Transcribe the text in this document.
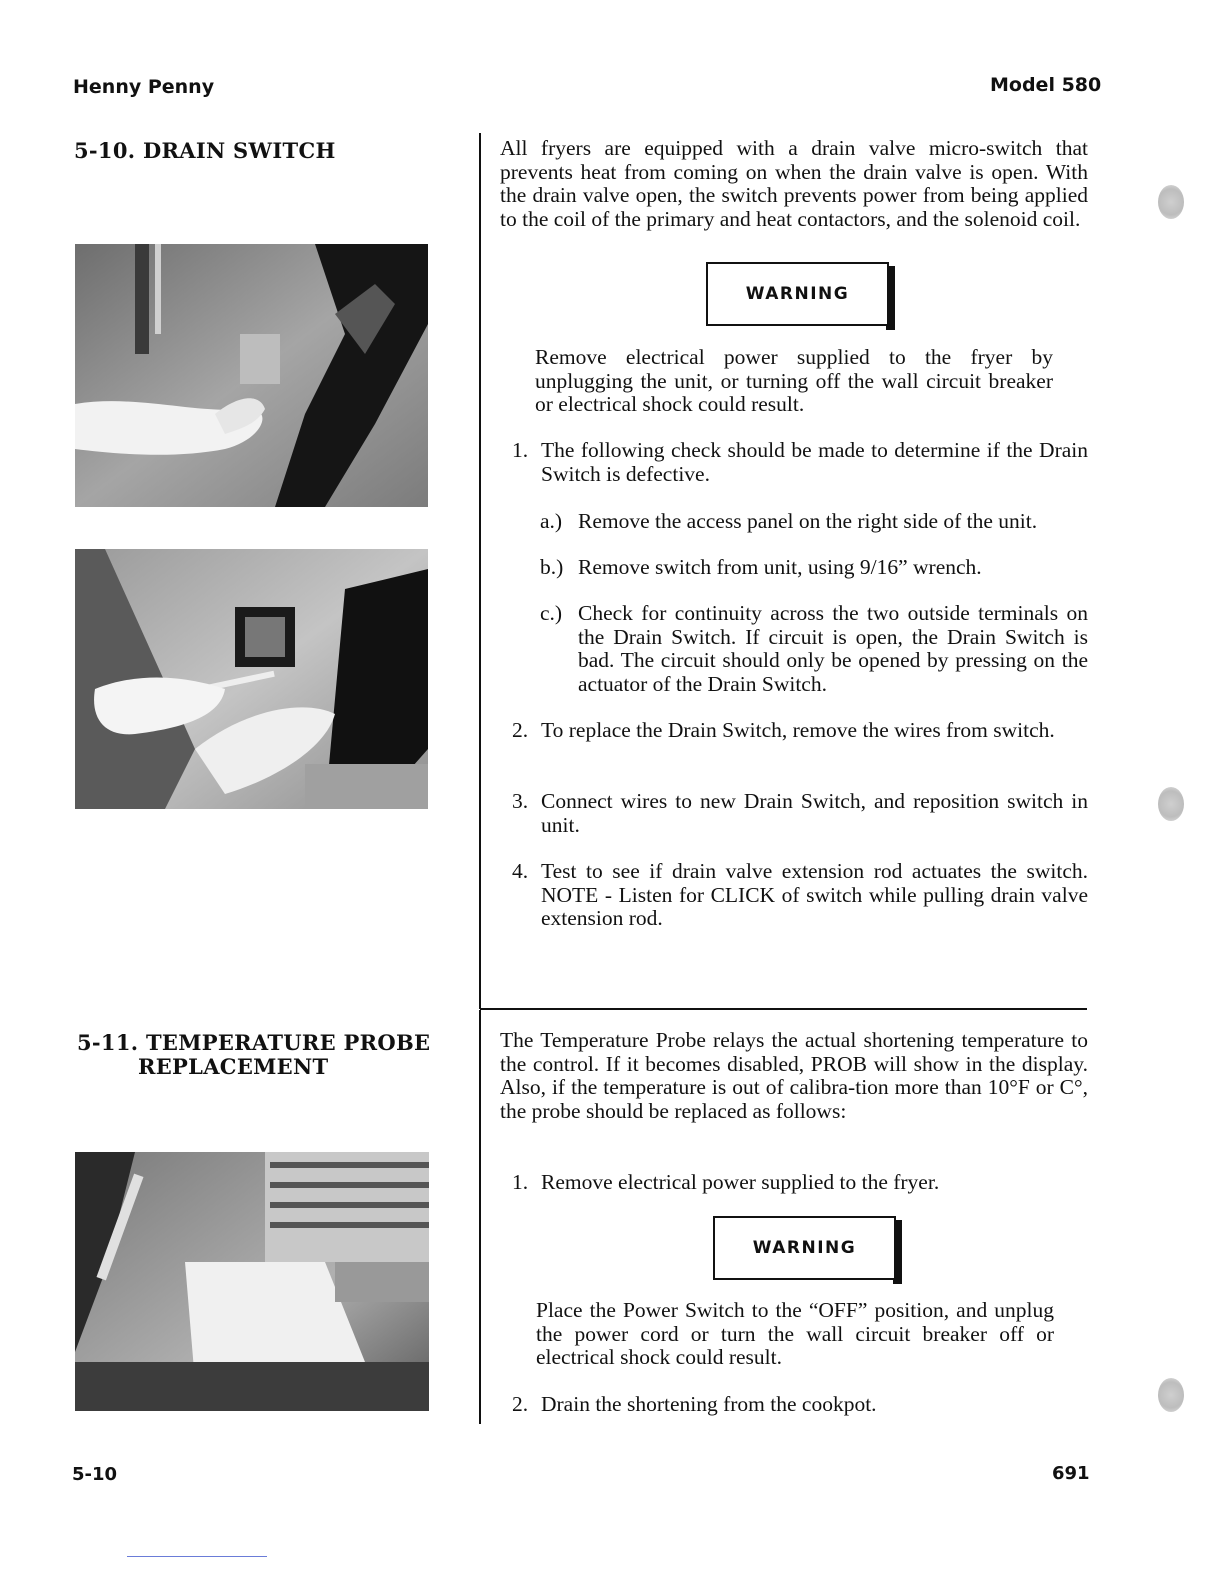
Henny Penny	Model 580
5-10. DRAIN SWITCH	All fryers are equipped with a drain valve micro-switch that prevents heat from coming on when the drain valve is open. With the drain valve open, the switch prevents power from being applied to the coil of the primary and heat contactors, and the solenoid coil.
WARNING
Remove electrical power supplied to the fryer by unplugging the unit, or turning off the wall circuit breaker or electrical shock could result.
1. The following check should be made to determine if the Drain Switch is defective.
a.) Remove the access panel on the right side of the unit.
b.) Remove switch from unit, using 9/16” wrench.
c.) Check for continuity across the two outside terminals on the Drain Switch. If circuit is open, the Drain Switch is bad. The circuit should only be opened by pressing on the actuator of the Drain Switch.
2. To replace the Drain Switch, remove the wires from switch.
3. Connect wires to new Drain Switch, and reposition switch in unit.
4. Test to see if drain valve extension rod actuates the switch. NOTE - Listen for CLICK of switch while pulling drain valve extension rod.
5-11. TEMPERATURE PROBE
REPLACEMENT
The Temperature Probe relays the actual shortening temperature to the control. If it becomes disabled, PROB will show in the display. Also, if the temperature is out of calibra-tion more than 10°F or C°, the probe should be replaced as follows:
1. Remove electrical power supplied to the fryer.
WARNING
Place the Power Switch to the “OFF” position, and unplug the power cord or turn the wall circuit breaker off or electrical shock could result.
2. Drain the shortening from the cookpot.
5-10	691
